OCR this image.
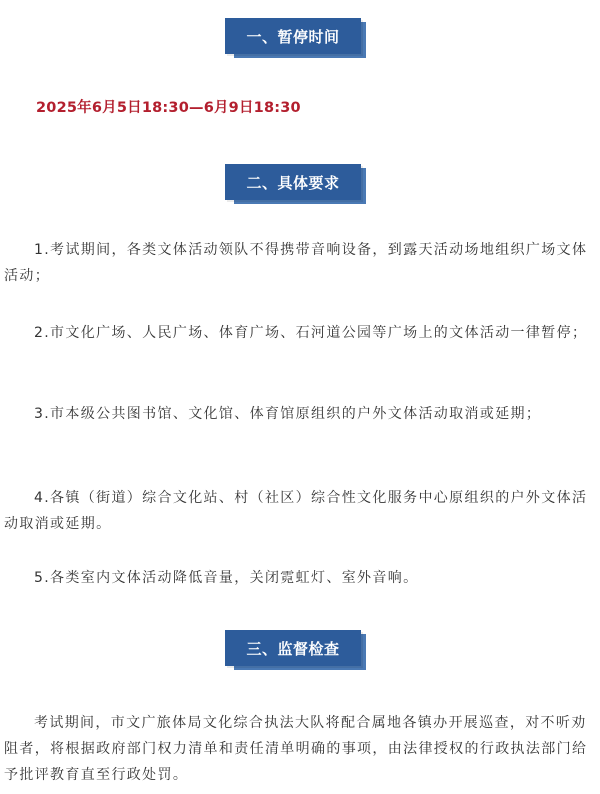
一、暂停时间
2025年6月5日18:30—6月9日18:30
二、具体要求

1.考试期间，各类文体活动领队不得携带音响设备，到露天活动场地组织广场文体活动；

2.市文化广场、人民广场、体育广场、石河道公园等广场上的文体活动一律暂停；

3.市本级公共图书馆、文化馆、体育馆原组织的户外文体活动取消或延期；

4.各镇（街道）综合文化站、村（社区）综合性文化服务中心原组织的户外文体活动取消或延期。

5.各类室内文体活动降低音量，关闭霓虹灯、室外音响。

三、监督检查

考试期间，市文广旅体局文化综合执法大队将配合属地各镇办开展巡查，对不听劝阻者，将根据政府部门权力清单和责任清单明确的事项，由法律授权的行政执法部门给予批评教育直至行政处罚。
